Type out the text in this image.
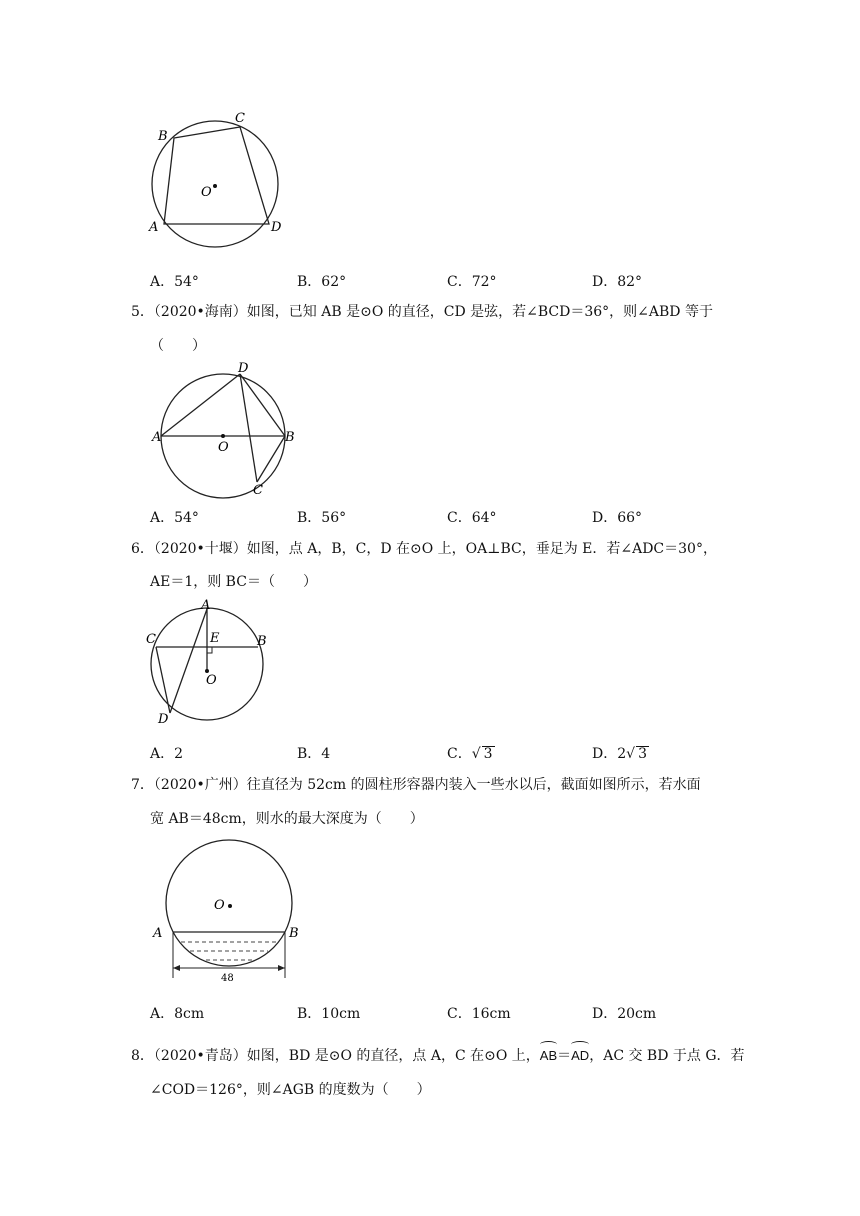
B
C
O
A	D
A．54°	B．62°	C．72°	D．82°
5．（2020•海南）如图，已知 AB 是⊙O 的直径，CD 是弦，若∠BCD＝36°，则∠ABD 等于
（　　）
D
A
O
B
C
A．54°	B．56°	C．64°	D．66°
6．（2020•十堰）如图，点 A，B，C，D 在⊙O 上，OA⊥BC，垂足为 E．若∠ADC＝30°，
AE＝1，则 BC＝（　　）
A
C	E	B
O
D
A．2	B．4	C．√ 3	D．2√ 3
7．（2020•广州）往直径为 52cm 的圆柱形容器内装入一些水以后，截面如图所示，若水面
宽 AB＝48cm，则水的最大深度为（　　）
O
A	B
48
A．8cm	B．10cm	C．16cm	D．20cm
8．（2020•青岛）如图，BD 是⊙O 的直径，点 A，C 在⊙O 上，AB＝AD，AC 交 BD 于点 G．若
∠COD＝126°，则∠AGB 的度数为（　　）
